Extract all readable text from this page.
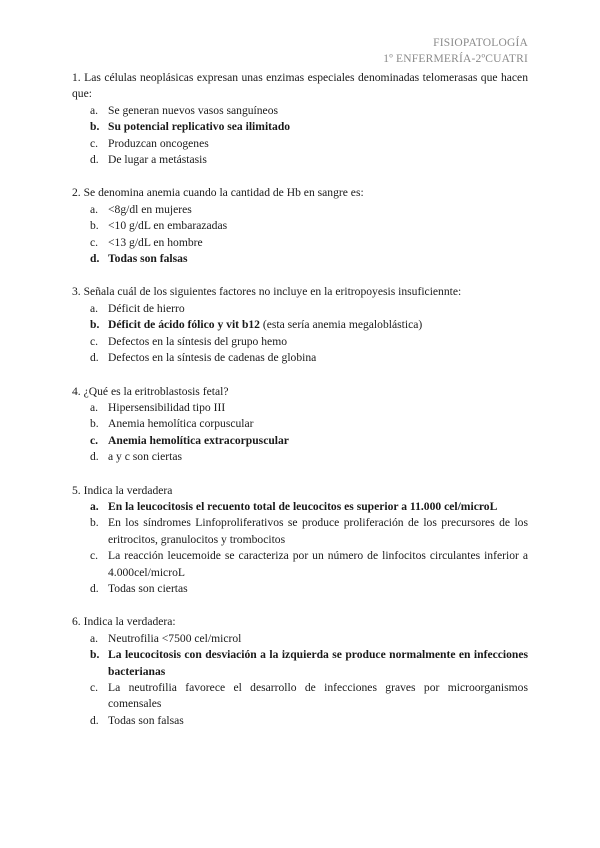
FISIOPATOLOGÍA
1º ENFERMERÍA-2ºCUATRI
1. Las células neoplásicas expresan unas enzimas especiales denominadas telomerasas que hacen que:
a. Se generan nuevos vasos sanguíneos
b. Su potencial replicativo sea ilimitado
c. Produzcan oncogenes
d. De lugar a metástasis
2. Se denomina anemia cuando la cantidad de Hb en sangre es:
a. <8g/dl en mujeres
b. <10 g/dL en embarazadas
c. <13 g/dL en hombre
d. Todas son falsas
3. Señala cuál de los siguientes factores no incluye en la eritropoyesis insuficiennte:
a. Déficit de hierro
b. Déficit de ácido fólico y vit b12 (esta sería anemia megaloblástica)
c. Defectos en la síntesis del grupo hemo
d. Defectos en la síntesis de cadenas de globina
4. ¿Qué es la eritroblastosis fetal?
a. Hipersensibilidad tipo III
b. Anemia hemolítica corpuscular
c. Anemia hemolítica extracorpuscular
d. a y c son ciertas
5. Indica la verdadera
a. En la leucocitosis el recuento total de leucocitos es superior a 11.000 cel/microL
b. En los síndromes Linfoproliferativos se produce proliferación de los precursores de los eritrocitos, granulocitos y trombocitos
c. La reacción leucemoide se caracteriza por un número de linfocitos circulantes inferior a 4.000cel/microL
d. Todas son ciertas
6. Indica la verdadera:
a. Neutrofilia <7500 cel/microl
b. La leucocitosis con desviación a la izquierda se produce normalmente en infecciones bacterianas
c. La neutrofilia favorece el desarrollo de infecciones graves por microorganismos comensales
d. Todas son falsas
